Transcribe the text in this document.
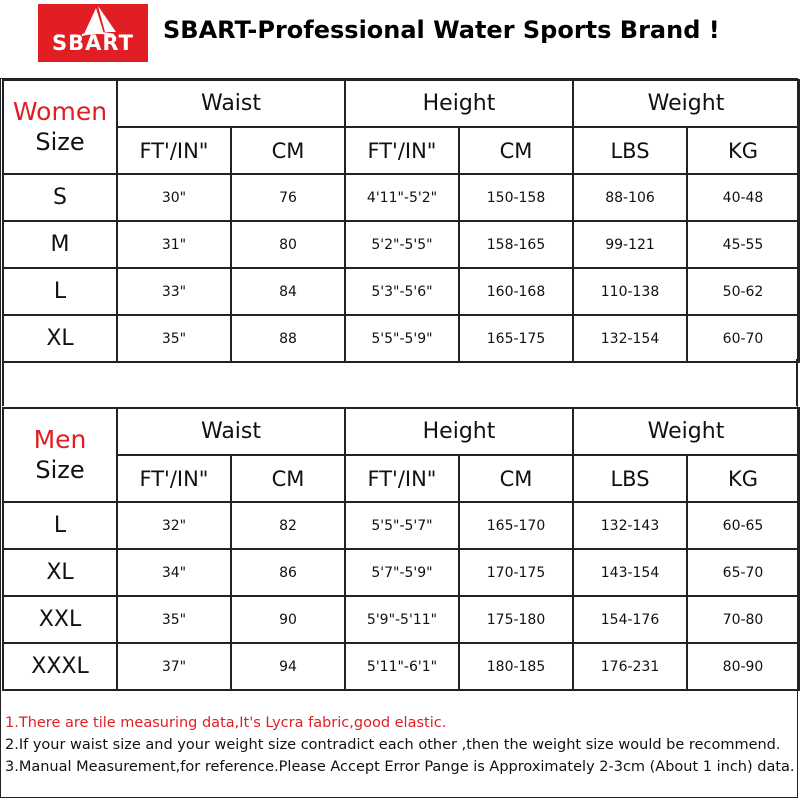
SBART	SBART-Professional Water Sports Brand !
Women
Size	Waist		Height		Weight	
	FT'/IN"	CM	FT'/IN"	CM	LBS	KG
S	30"	76	4'11"-5'2"	150-158	88-106	40-48
M	31"	80	5'2"-5'5"	158-165	99-121	45-55
L	33"	84	5'3"-5'6"	160-168	110-138	50-62
XL	35"	88	5'5"-5'9"	165-175	132-154	60-70
Men
Size	Waist		Height		Weight	
	FT'/IN"	CM	FT'/IN"	CM	LBS	KG
L	32"	82	5'5"-5'7"	165-170	132-143	60-65
XL	34"	86	5'7"-5'9"	170-175	143-154	65-70
XXL	35"	90	5'9"-5'11"	175-180	154-176	70-80
XXXL	37"	94	5'11"-6'1"	180-185	176-231	80-90
1.There are tile measuring data,It's Lycra fabric,good elastic.
2.If your waist size and your weight size contradict each other ,then the weight size would be recommend.
3.Manual Measurement,for reference.Please Accept Error Pange is Approximately 2-3cm (About 1 inch) data.
